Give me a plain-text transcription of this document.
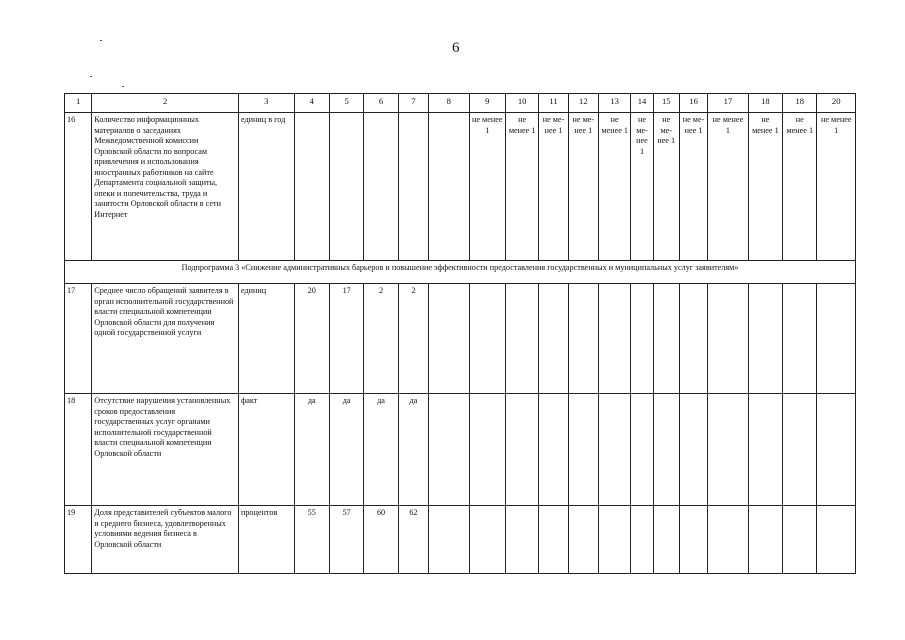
6
1	2	3	4	5	6	7	8	9	10	11	12	13	14	15	16	17	18	18	20
16	Количество информационных материалов о заседаниях Межведомственной комиссии Орловской области по вопросам привлечения и использования иностранных работников на сайте Департамента социальной защиты, опеки и попечительства, труда и занятости Орловской области в сети Интернет	единиц в год						не менее 1	не менее 1	не ме-нее 1	не ме-нее 1	не менее 1	не ме-нее 1	не ме-нее 1	не ме-нее 1	не менее 1	не менее 1	не менее 1	не менее 1
Подпрограмма 3 «Снижение административных барьеров и повышение эффективности предоставления государственных и муниципальных услуг заявителям»																			
17	Среднее число обращений заявителя в орган исполнительной государственной власти специальной компетенции Орловской области для получения одной государственной услуги	единиц	20	17	2	2													
18	Отсутствие нарушения установленных сроков предоставления государственных услуг органами исполнительной государственной власти специальной компетенции Орловской области	факт	да	да	да	да													
19	Доля представителей субъектов малого и среднего бизнеса, удовлетворенных условиями ведения бизнеса в Орловской области	процентов	55	57	60	62													
